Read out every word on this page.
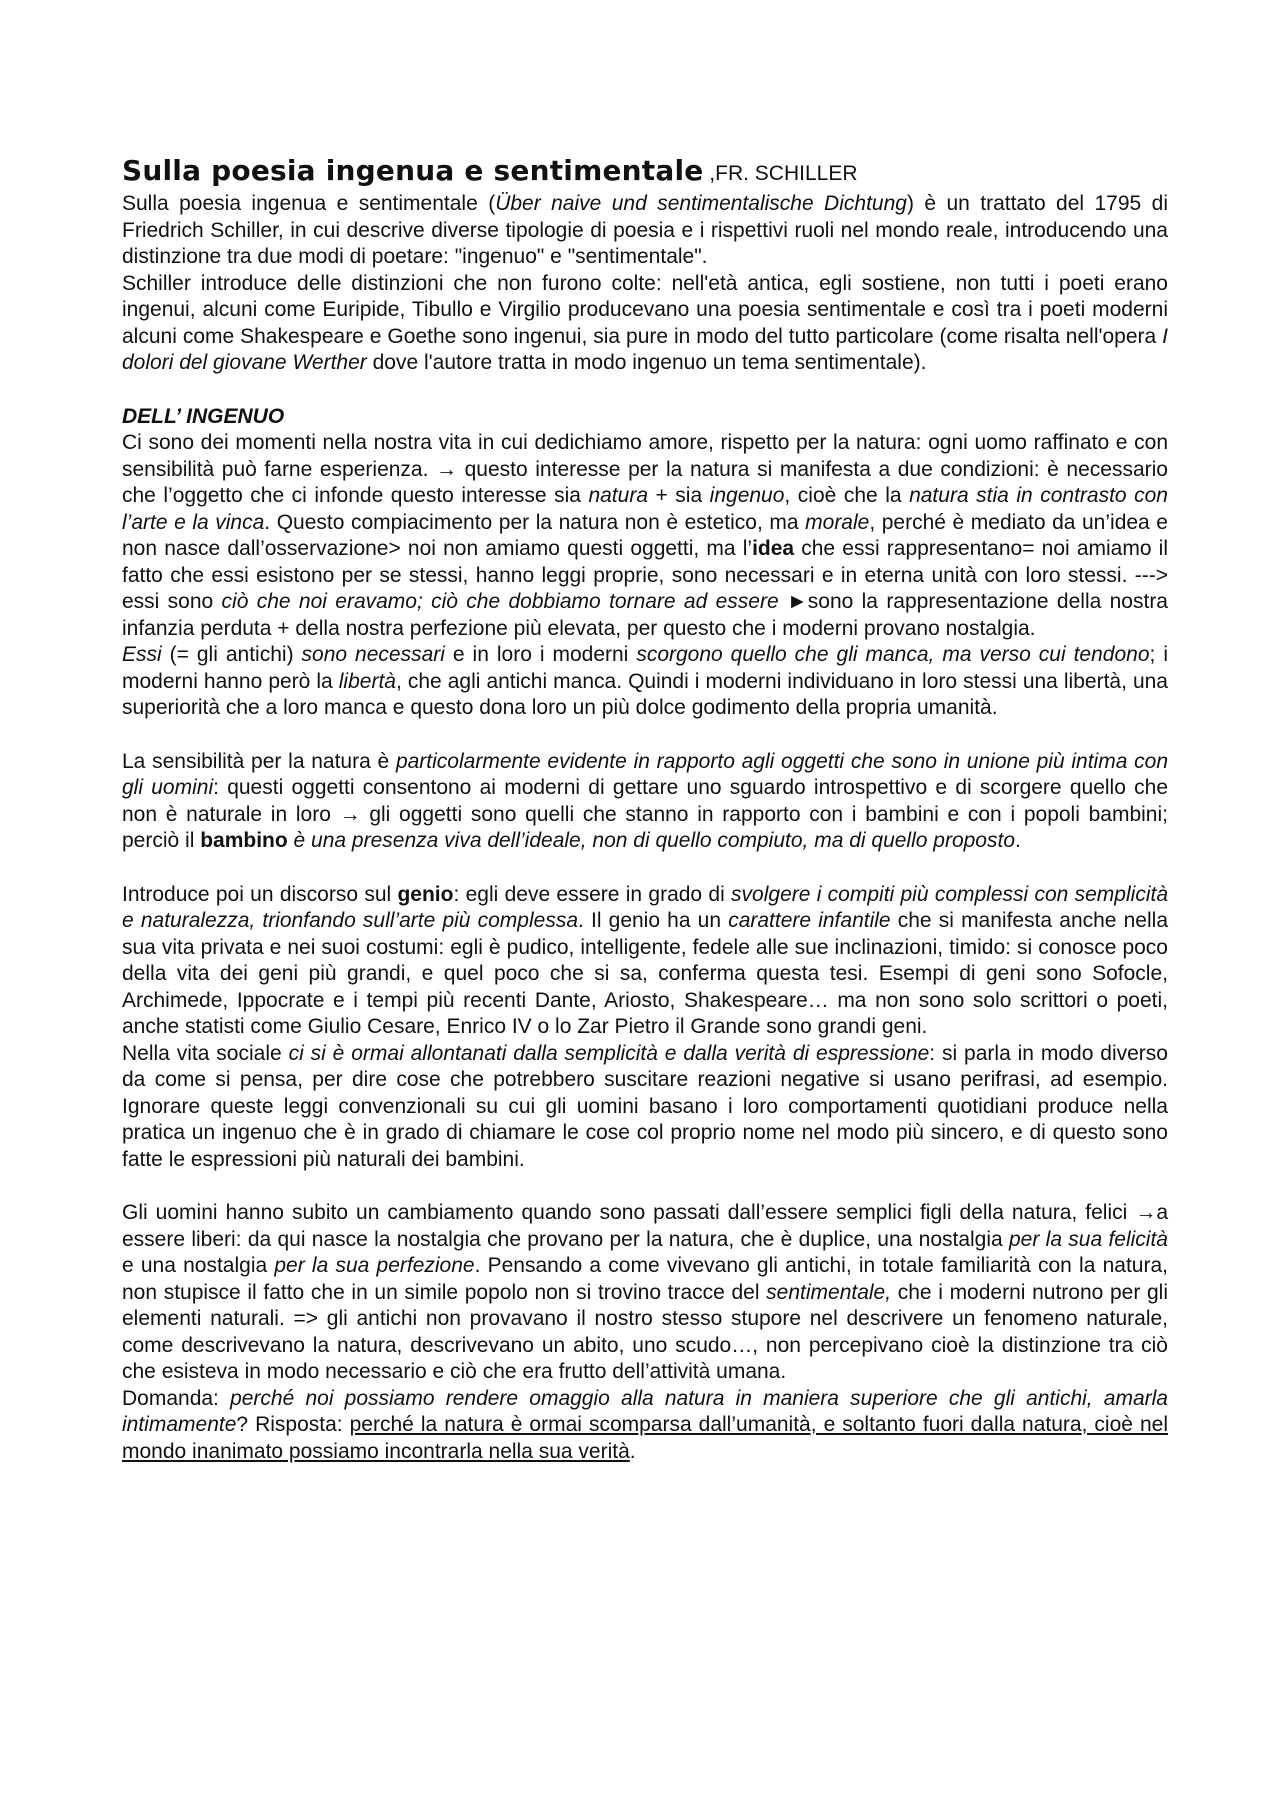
Sulla poesia ingenua e sentimentale ,FR. SCHILLER

Sulla poesia ingenua e sentimentale (Über naive und sentimentalische Dichtung) è un trattato del 1795 di Friedrich Schiller, in cui descrive diverse tipologie di poesia e i rispettivi ruoli nel mondo reale, introducendo una distinzione tra due modi di poetare: "ingenuo" e "sentimentale".

Schiller introduce delle distinzioni che non furono colte: nell'età antica, egli sostiene, non tutti i poeti erano ingenui, alcuni come Euripide, Tibullo e Virgilio producevano una poesia sentimentale e così tra i poeti moderni alcuni come Shakespeare e Goethe sono ingenui, sia pure in modo del tutto particolare (come risalta nell'opera I dolori del giovane Werther dove l'autore tratta in modo ingenuo un tema sentimentale).

DELL’ INGENUO

Ci sono dei momenti nella nostra vita in cui dedichiamo amore, rispetto per la natura: ogni uomo raffinato e con sensibilità può farne esperienza. → questo interesse per la natura si manifesta a due condizioni: è necessario che l’oggetto che ci infonde questo interesse sia natura + sia ingenuo, cioè che la natura stia in contrasto con l’arte e la vinca. Questo compiacimento per la natura non è estetico, ma morale, perché è mediato da un’idea e non nasce dall’osservazione> noi non amiamo questi oggetti, ma l’idea che essi rappresentano= noi amiamo il fatto che essi esistono per se stessi, hanno leggi proprie, sono necessari e in eterna unità con loro stessi. ---> essi sono ciò che noi eravamo; ciò che dobbiamo tornare ad essere ►sono la rappresentazione della nostra infanzia perduta + della nostra perfezione più elevata, per questo che i moderni provano nostalgia.

Essi (= gli antichi) sono necessari e in loro i moderni scorgono quello che gli manca, ma verso cui tendono; i moderni hanno però la libertà, che agli antichi manca. Quindi i moderni individuano in loro stessi una libertà, una superiorità che a loro manca e questo dona loro un più dolce godimento della propria umanità.

La sensibilità per la natura è particolarmente evidente in rapporto agli oggetti che sono in unione più intima con gli uomini: questi oggetti consentono ai moderni di gettare uno sguardo introspettivo e di scorgere quello che non è naturale in loro → gli oggetti sono quelli che stanno in rapporto con i bambini e con i popoli bambini; perciò il bambino è una presenza viva dell’ideale, non di quello compiuto, ma di quello proposto.

Introduce poi un discorso sul genio: egli deve essere in grado di svolgere i compiti più complessi con semplicità e naturalezza, trionfando sull’arte più complessa. Il genio ha un carattere infantile che si manifesta anche nella sua vita privata e nei suoi costumi: egli è pudico, intelligente, fedele alle sue inclinazioni, timido: si conosce poco della vita dei geni più grandi, e quel poco che si sa, conferma questa tesi. Esempi di geni sono Sofocle, Archimede, Ippocrate e i tempi più recenti Dante, Ariosto, Shakespeare… ma non sono solo scrittori o poeti, anche statisti come Giulio Cesare, Enrico IV o lo Zar Pietro il Grande sono grandi geni.

Nella vita sociale ci si è ormai allontanati dalla semplicità e dalla verità di espressione: si parla in modo diverso da come si pensa, per dire cose che potrebbero suscitare reazioni negative si usano perifrasi, ad esempio. Ignorare queste leggi convenzionali su cui gli uomini basano i loro comportamenti quotidiani produce nella pratica un ingenuo che è in grado di chiamare le cose col proprio nome nel modo più sincero, e di questo sono fatte le espressioni più naturali dei bambini.

Gli uomini hanno subito un cambiamento quando sono passati dall’essere semplici figli della natura, felici →a essere liberi: da qui nasce la nostalgia che provano per la natura, che è duplice, una nostalgia per la sua felicità e una nostalgia per la sua perfezione. Pensando a come vivevano gli antichi, in totale familiarità con la natura, non stupisce il fatto che in un simile popolo non si trovino tracce del sentimentale, che i moderni nutrono per gli elementi naturali. => gli antichi non provavano il nostro stesso stupore nel descrivere un fenomeno naturale, come descrivevano la natura, descrivevano un abito, uno scudo…, non percepivano cioè la distinzione tra ciò che esisteva in modo necessario e ciò che era frutto dell’attività umana.

Domanda: perché noi possiamo rendere omaggio alla natura in maniera superiore che gli antichi, amarla intimamente? Risposta: perché la natura è ormai scomparsa dall’umanità, e soltanto fuori dalla natura, cioè nel mondo inanimato possiamo incontrarla nella sua verità.
